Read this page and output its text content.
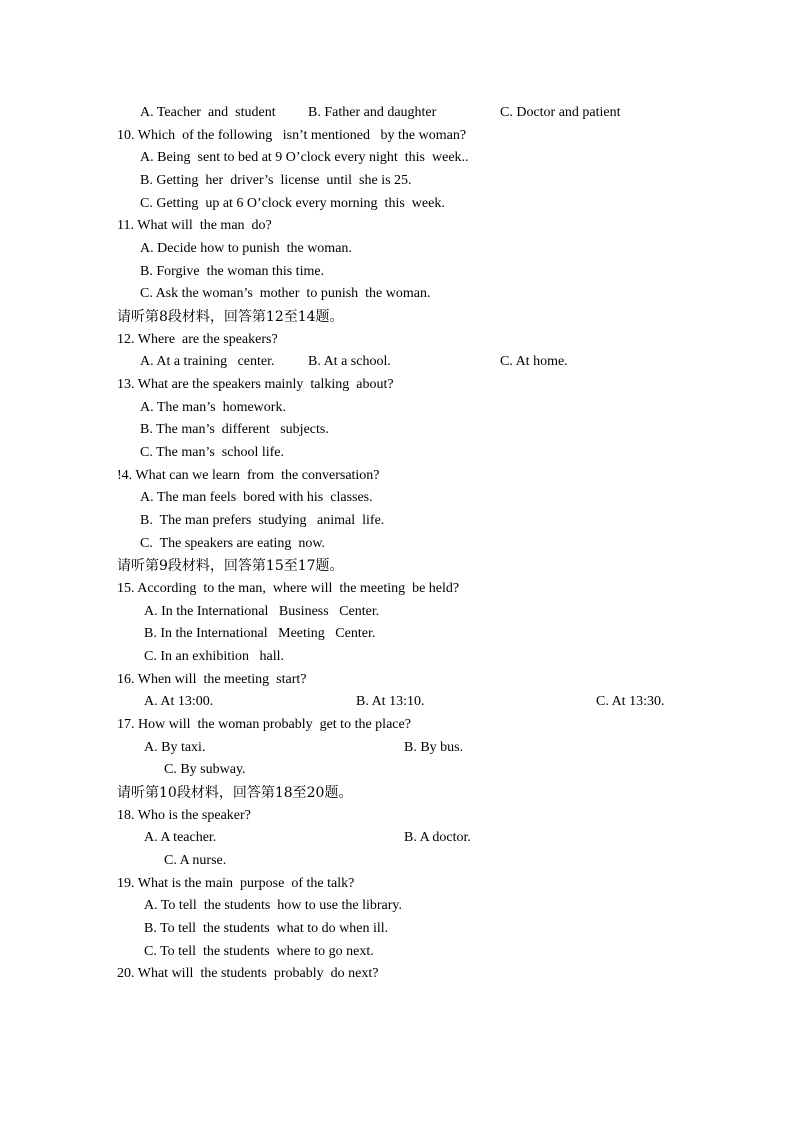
A. Teacher  and  student B. Father and daughter	C. Doctor and patient
10. Which  of the following   isn’t mentioned   by the woman?
A. Being  sent to bed at 9 O’clock every night  this  week..
B. Getting  her  driver’s  license  until  she is 25.
C. Getting  up at 6 O’clock every morning  this  week.
11. What will  the man  do?
A. Decide how to punish  the woman.
B. Forgive  the woman this time.
C. Ask the woman’s  mother  to punish  the woman.
请听第8段材料，回答第12至14题。
12. Where  are the speakers?
A. At a training   center. B. At a school.	C. At home.
13. What are the speakers mainly  talking  about?
A. The man’s  homework.
B. The man’s  different   subjects.
C. The man’s  school life.
!4. What can we learn  from  the conversation?
A. The man feels  bored with his  classes.
B.  The man prefers  studying   animal  life.
C.  The speakers are eating  now.
请听第9段材料，回答第15至17题。
15. According  to the man,  where will  the meeting  be held?
A. In the International   Business   Center.
B. In the International   Meeting   Center.
C. In an exhibition   hall.
16. When will  the meeting  start?
A. At 13:00.	B. At 13:10.	C. At 13:30.
17. How will  the woman probably  get to the place?
A. By taxi.	B. By bus.
C. By subway.
请听第10段材料，回答第18至20题。
18. Who is the speaker?
A. A teacher.	B. A doctor.
C. A nurse.
19. What is the main  purpose  of the talk?
A. To tell  the students  how to use the library.
B. To tell  the students  what to do when ill.
C. To tell  the students  where to go next.
20. What will  the students  probably  do next?
